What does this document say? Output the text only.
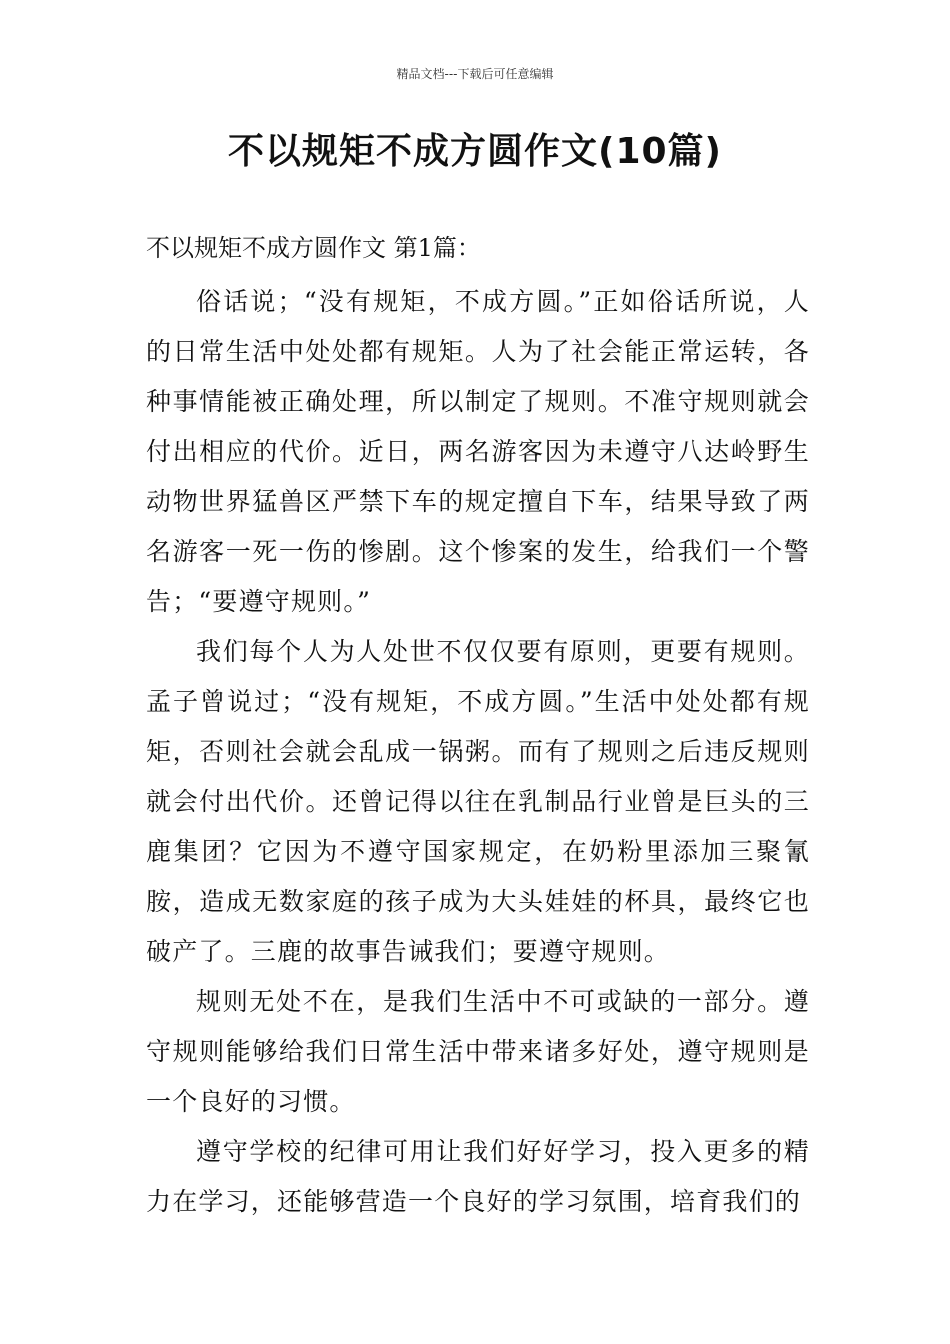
精品文档---下载后可任意编辑
不以规矩不成方圆作文(10篇)
不以规矩不成方圆作文 第1篇：

俗话说；“没有规矩，不成方圆。”正如俗话所说，人的日常生活中处处都有规矩。人为了社会能正常运转，各种事情能被正确处理，所以制定了规则。不准守规则就会付出相应的代价。近日，两名游客因为未遵守八达岭野生动物世界猛兽区严禁下车的规定擅自下车，结果导致了两名游客一死一伤的惨剧。这个惨案的发生，给我们一个警告；“要遵守规则。”

我们每个人为人处世不仅仅要有原则，更要有规则。孟子曾说过；“没有规矩，不成方圆。”生活中处处都有规矩，否则社会就会乱成一锅粥。而有了规则之后违反规则就会付出代价。还曾记得以往在乳制品行业曾是巨头的三鹿集团？它因为不遵守国家规定，在奶粉里添加三聚氰胺，造成无数家庭的孩子成为大头娃娃的杯具，最终它也破产了。三鹿的故事告诫我们；要遵守规则。

规则无处不在，是我们生活中不可或缺的一部分。遵守规则能够给我们日常生活中带来诸多好处，遵守规则是一个良好的习惯。

遵守学校的纪律可用让我们好好学习，投入更多的精力在学习，还能够营造一个良好的学习氛围，培育我们的
